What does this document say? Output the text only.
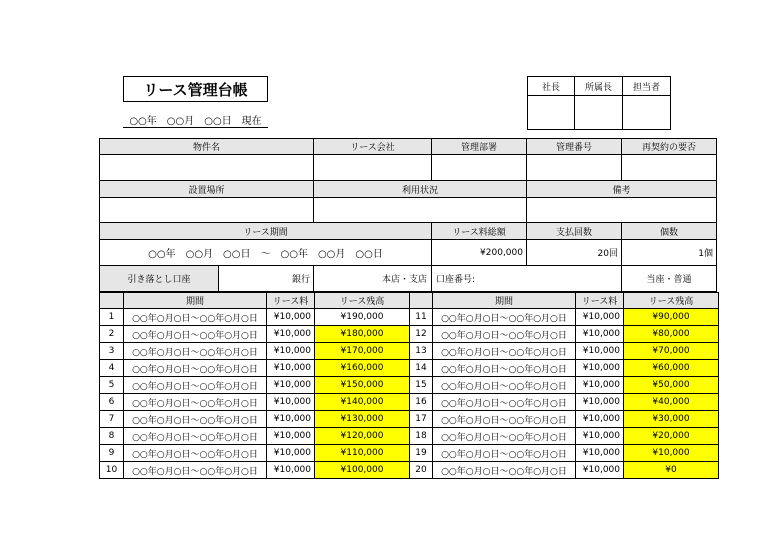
リース管理台帳
○○年　○○月　○○日　現在
社長	所属長	担当者

物件名		リース会社	管理部署	管理番号	再契約の要否

設置場所		利用状況		備考	

リース期間			リース料総額	支払回数	個数
○○年　○○月　○○日　～　○○年　○○月　○○日			¥200,000	20回	1個
引き落とし口座	銀行	本店・支店	口座番号:		当座・普通
	期間	リース料	リース残高		期間	リース料	リース残高
1	○○年○月○日～○○年○月○日	¥10,000	¥190,000	11	○○年○月○日～○○年○月○日	¥10,000	¥90,000
2	○○年○月○日～○○年○月○日	¥10,000	¥180,000	12	○○年○月○日～○○年○月○日	¥10,000	¥80,000
3	○○年○月○日～○○年○月○日	¥10,000	¥170,000	13	○○年○月○日～○○年○月○日	¥10,000	¥70,000
4	○○年○月○日～○○年○月○日	¥10,000	¥160,000	14	○○年○月○日～○○年○月○日	¥10,000	¥60,000
5	○○年○月○日～○○年○月○日	¥10,000	¥150,000	15	○○年○月○日～○○年○月○日	¥10,000	¥50,000
6	○○年○月○日～○○年○月○日	¥10,000	¥140,000	16	○○年○月○日～○○年○月○日	¥10,000	¥40,000
7	○○年○月○日～○○年○月○日	¥10,000	¥130,000	17	○○年○月○日～○○年○月○日	¥10,000	¥30,000
8	○○年○月○日～○○年○月○日	¥10,000	¥120,000	18	○○年○月○日～○○年○月○日	¥10,000	¥20,000
9	○○年○月○日～○○年○月○日	¥10,000	¥110,000	19	○○年○月○日～○○年○月○日	¥10,000	¥10,000
10	○○年○月○日～○○年○月○日	¥10,000	¥100,000	20	○○年○月○日～○○年○月○日	¥10,000	¥0
